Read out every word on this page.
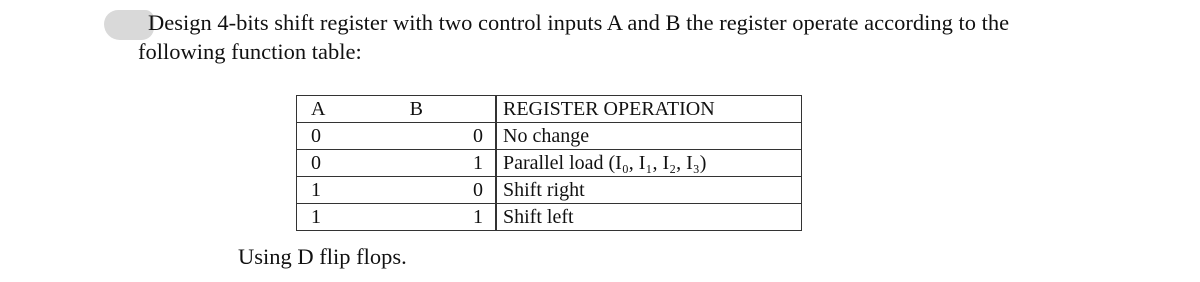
Design 4-bits shift register with two control inputs A and B the register operate according to the
following function table:
A B		REGISTER OPERATION

0 0		No change

0 1		Parallel load (I₀, I₁, I₂, I₃)

1 0		Shift right

1 1		Shift left
Using D flip flops.
